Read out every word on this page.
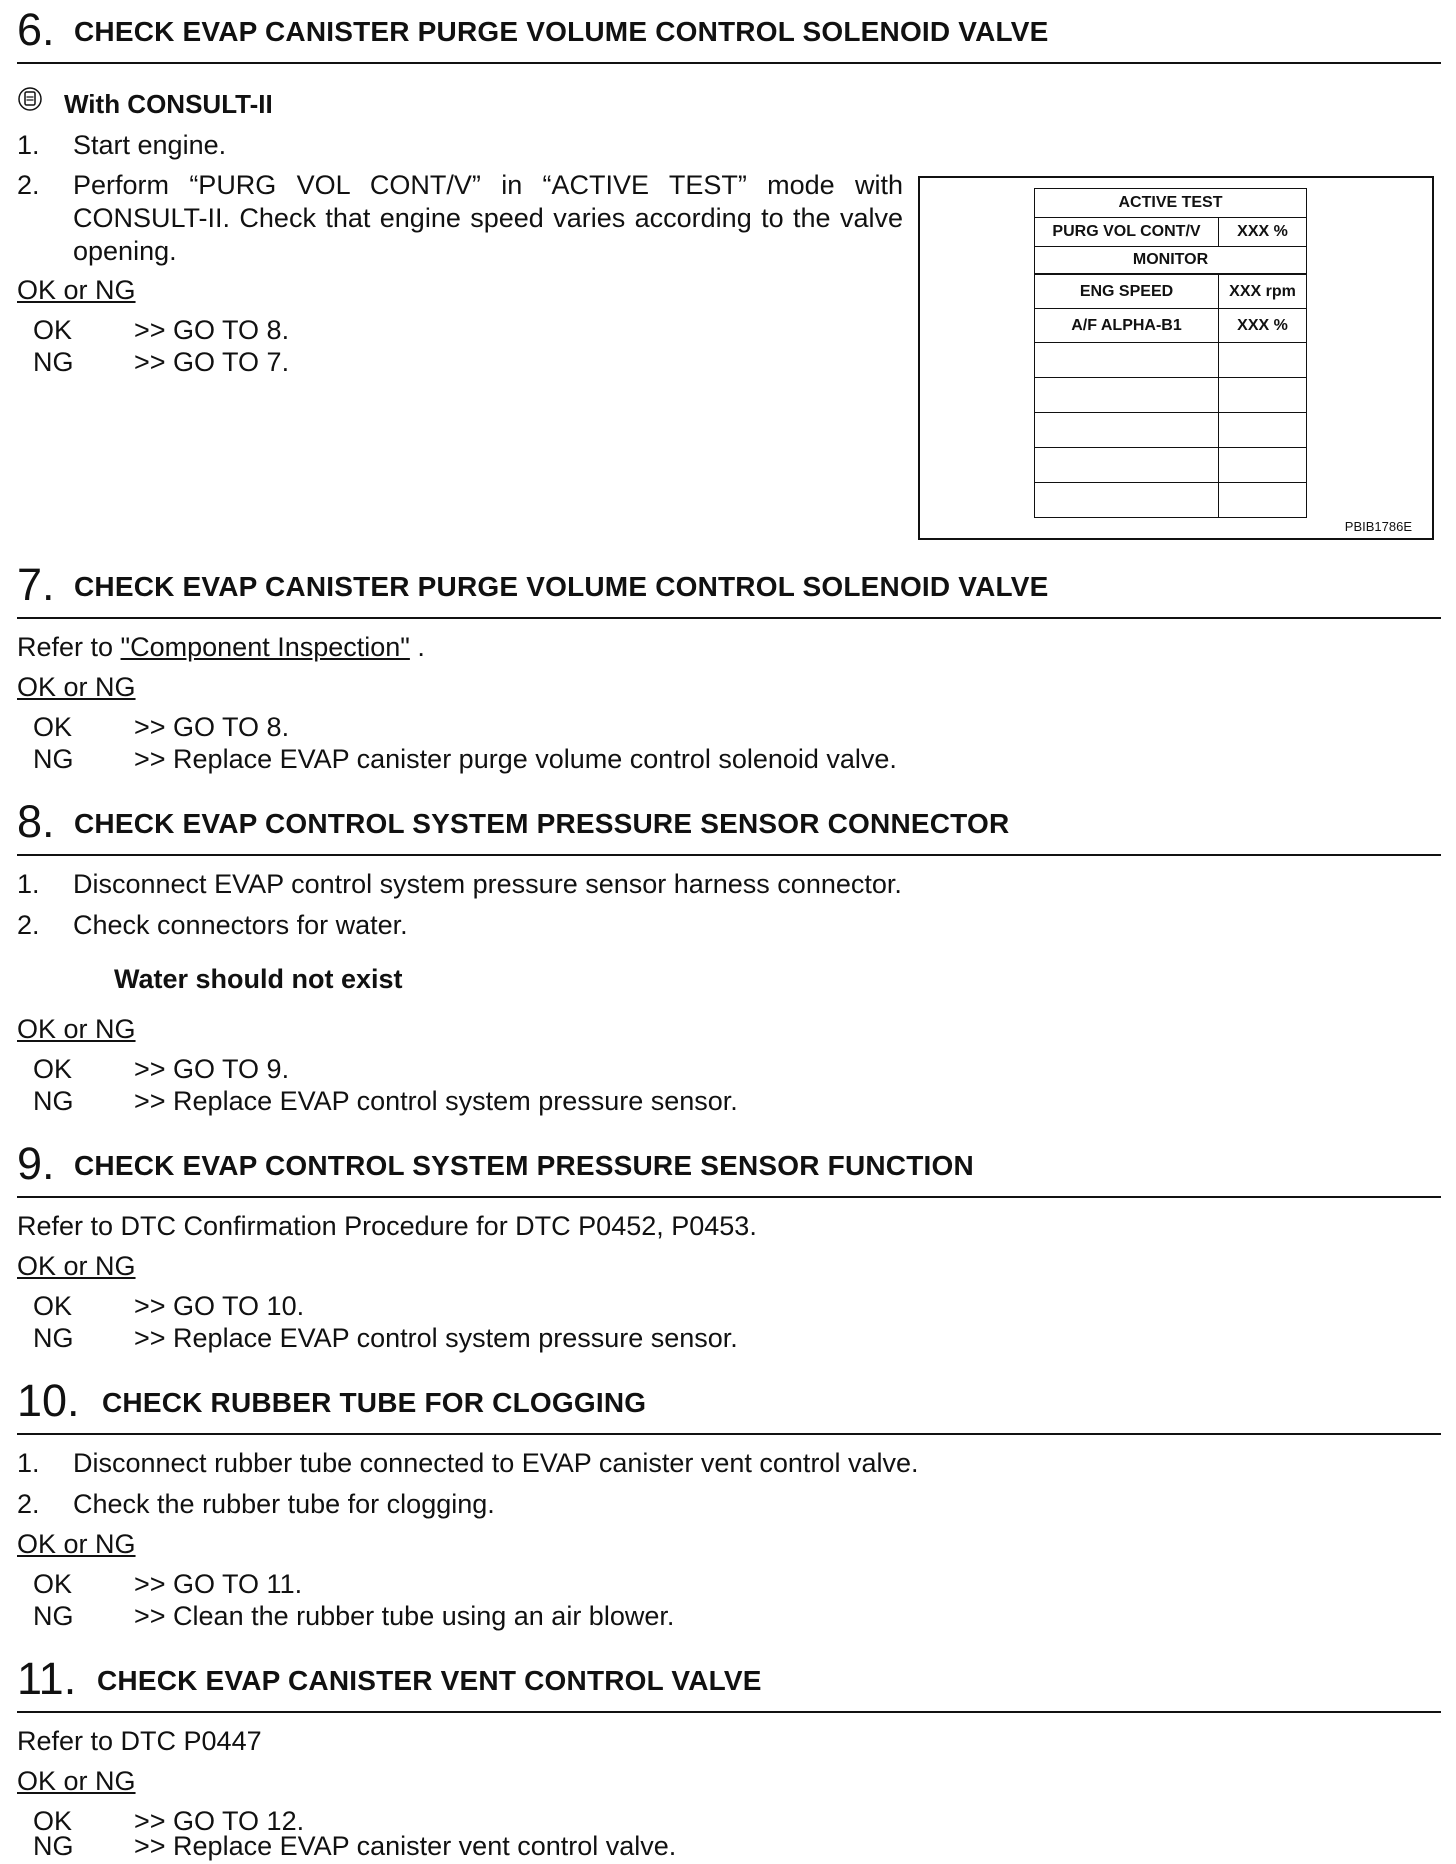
6. CHECK EVAP CANISTER PURGE VOLUME CONTROL SOLENOID VALVE
With CONSULT-II
1. Start engine.
2. Perform “PURG VOL CONT/V” in “ACTIVE TEST” mode with CONSULT-II. Check that engine speed varies according to the valve opening.
OK or NG
OK >> GO TO 8.
NG >> GO TO 7.
ACTIVE TEST	
PURG VOL CONT/V	XXX %
MONITOR	
ENG SPEED	XXX rpm
A/F ALPHA-B1	XXX %

PBIB1786E
7. CHECK EVAP CANISTER PURGE VOLUME CONTROL SOLENOID VALVE
Refer to "Component Inspection" .
OK or NG
OK >> GO TO 8.
NG >> Replace EVAP canister purge volume control solenoid valve.
8. CHECK EVAP CONTROL SYSTEM PRESSURE SENSOR CONNECTOR
1. Disconnect EVAP control system pressure sensor harness connector.
2. Check connectors for water.
Water should not exist
OK or NG
OK >> GO TO 9.
NG >> Replace EVAP control system pressure sensor.
9. CHECK EVAP CONTROL SYSTEM PRESSURE SENSOR FUNCTION
Refer to DTC Confirmation Procedure for DTC P0452, P0453.
OK or NG
OK >> GO TO 10.
NG >> Replace EVAP control system pressure sensor.
10. CHECK RUBBER TUBE FOR CLOGGING
1. Disconnect rubber tube connected to EVAP canister vent control valve.
2. Check the rubber tube for clogging.
OK or NG
OK >> GO TO 11.
NG >> Clean the rubber tube using an air blower.
11. CHECK EVAP CANISTER VENT CONTROL VALVE
Refer to DTC P0447
OK or NG
OK >> GO TO 12.
NG >> Replace EVAP canister vent control valve.
